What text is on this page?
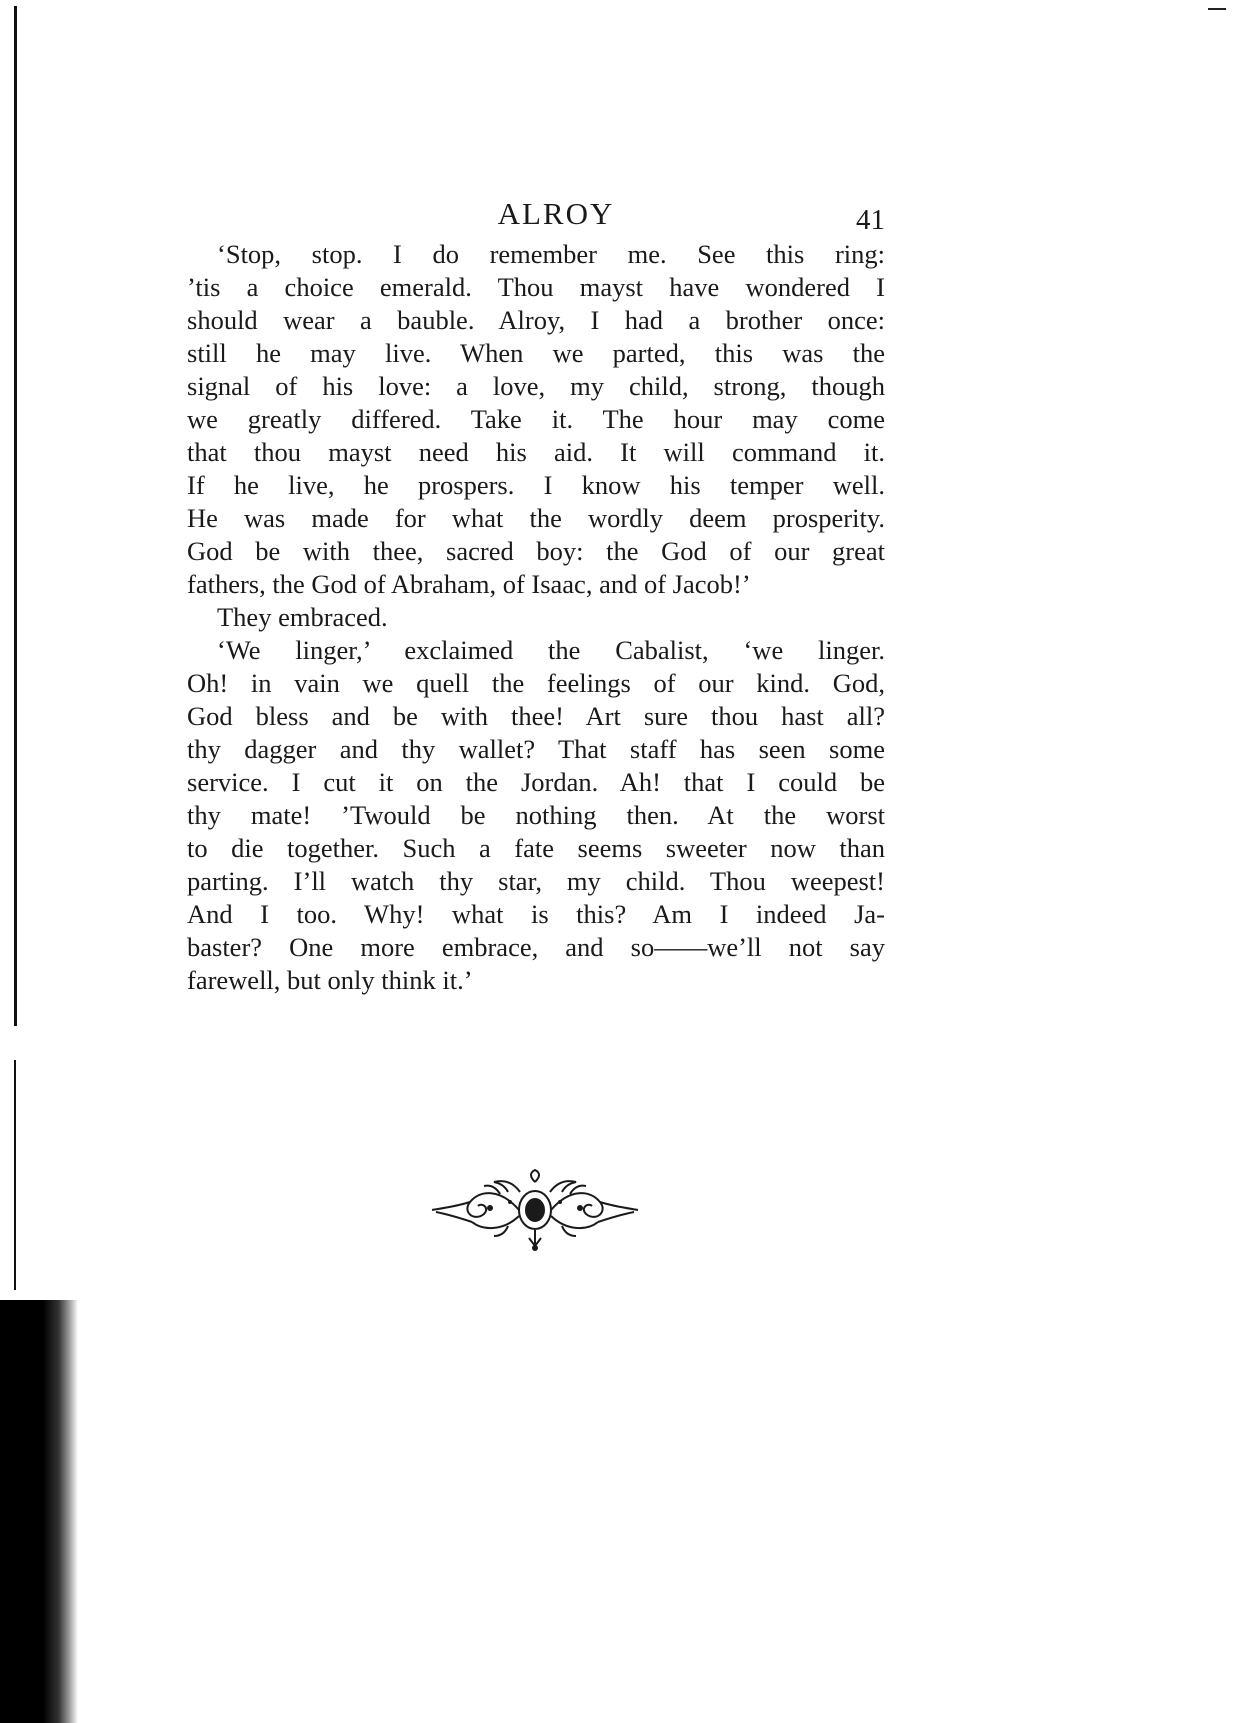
ALROY	41
‘Stop, stop. I do remember me. See this ring:
’tis a choice emerald. Thou mayst have wondered I
should wear a bauble. Alroy, I had a brother once:
still he may live. When we parted, this was the
signal of his love: a love, my child, strong, though
we greatly differed. Take it. The hour may come
that thou mayst need his aid. It will command it.
If he live, he prospers. I know his temper well.
He was made for what the wordly deem prosperity.
God be with thee, sacred boy: the God of our great
fathers, the God of Abraham, of Isaac, and of Jacob!’
They embraced.
‘We linger,’ exclaimed the Cabalist, ‘we linger.
Oh! in vain we quell the feelings of our kind. God,
God bless and be with thee! Art sure thou hast all?
thy dagger and thy wallet? That staff has seen some
service. I cut it on the Jordan. Ah! that I could be
thy mate! ’Twould be nothing then. At the worst
to die together. Such a fate seems sweeter now than
parting. I’ll watch thy star, my child. Thou weepest!
And I too. Why! what is this? Am I indeed Ja-
baster? One more embrace, and so——we’ll not say
farewell, but only think it.’
